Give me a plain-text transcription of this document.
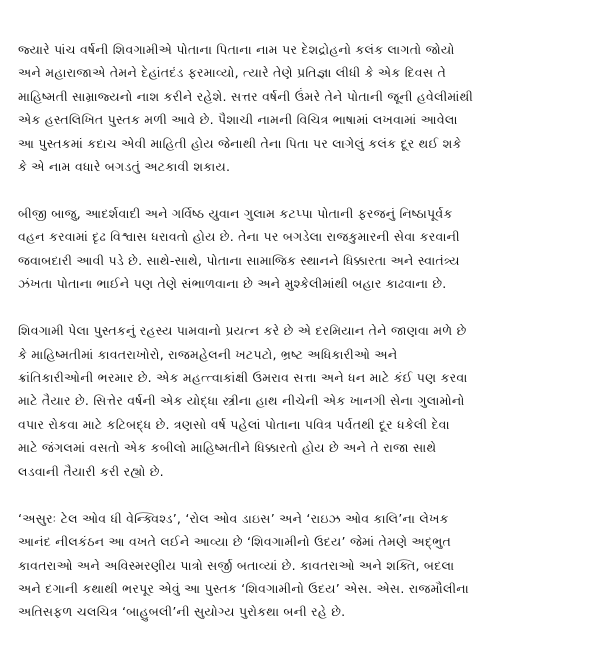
જ્યારે પાંચ વર્ષની શિવગામીએ પોતાના પિતાના નામ પર દેશદ્રોહનો કલંક લાગતો જોયો
અને મહારાજાએ તેમને દેહાંતદંડ ફરમાવ્યો, ત્યારે તેણે પ્રતિજ્ઞા લીધી કે એક દિવસ તે
માહિષ્મતી સામ્રાજ્યનો નાશ કરીને રહેશે. સત્તર વર્ષની ઉંમરે તેને પોતાની જૂની હવેલીમાંથી
એક હસ્તલિખિત પુસ્તક મળી આવે છે. પૈશાચી નામની વિચિત્ર ભાષામાં લખવામાં આવેલા
આ પુસ્તકમાં કદાચ એવી માહિતી હોય જેનાથી તેના પિતા પર લાગેલું કલંક દૂર થઈ શકે
કે એ નામ વધારે બગડતું અટકાવી શકાય.

બીજી બાજુ, આદર્શવાદી અને ગર્વિષ્ઠ યુવાન ગુલામ કટપ્પા પોતાની ફરજનું નિષ્ઠાપૂર્વક
વહન કરવામાં દૃઢ વિશ્વાસ ધરાવતો હોય છે. તેના પર બગડેલા રાજકુમારની સેવા કરવાની
જવાબદારી આવી પડે છે. સાથે-સાથે, પોતાના સામાજિક સ્થાનને ધિક્કારતા અને સ્વાતંત્ર્ય
ઝંખતા પોતાના ભાઈને પણ તેણે સંભાળવાના છે અને મુશ્કેલીમાંથી બહાર કાઢવાના છે.

શિવગામી પેલા પુસ્તકનું રહસ્ય પામવાનો પ્રયત્ન કરે છે એ દરમિયાન તેને જાણવા મળે છે
કે માહિષ્મતીમાં કાવતરાખોરો, રાજમહેલની ખટપટો, ભ્રષ્ટ અધિકારીઓ અને
ક્રાંતિકારીઓની ભરમાર છે. એક મહત્ત્વાકાંક્ષી ઉમરાવ સત્તા અને ધન માટે કંઈ પણ કરવા
માટે તૈયાર છે. સિત્તેર વર્ષની એક યોદ્ધા સ્ત્રીના હાથ નીચેની એક ખાનગી સેના ગુલામોનો
વપાર રોકવા માટે કટિબદ્ધ છે. ત્રણસો વર્ષ પહેલાં પોતાના પવિત્ર પર્વતથી દૂર ધકેલી દેવા
માટે જંગલમાં વસતો એક કબીલો માહિષ્મતીને ધિક્કારતો હોય છે અને તે રાજા સાથે
લડવાની તૈયારી કરી રહ્યો છે.

‘અસુરઃ ટેલ ઓવ ધી વેન્ક્વિશ્ડ’, ‘રોલ ઓવ ડાઇસ’ અને ‘રાઇઝ ઓવ કાલિ’ના લેખક
આનંદ નીલકંઠન આ વખતે લઈને આવ્યા છે ‘શિવગામીનો ઉદય’ જેમાં તેમણે અદ્ભુત
કાવતરાઓ અને અવિસ્મરણીય પાત્રો સર્જી બતાવ્યાં છે. કાવતરાઓ અને શક્તિ, બદલા
અને દગાની કથાથી ભરપૂર એવું આ પુસ્તક ‘શિવગામીનો ઉદય’ એસ. એસ. રાજમૌલીના
અતિસફળ ચલચિત્ર ‘બાહુબલી’ની સુયોગ્ય પુરોકથા બની રહે છે.
